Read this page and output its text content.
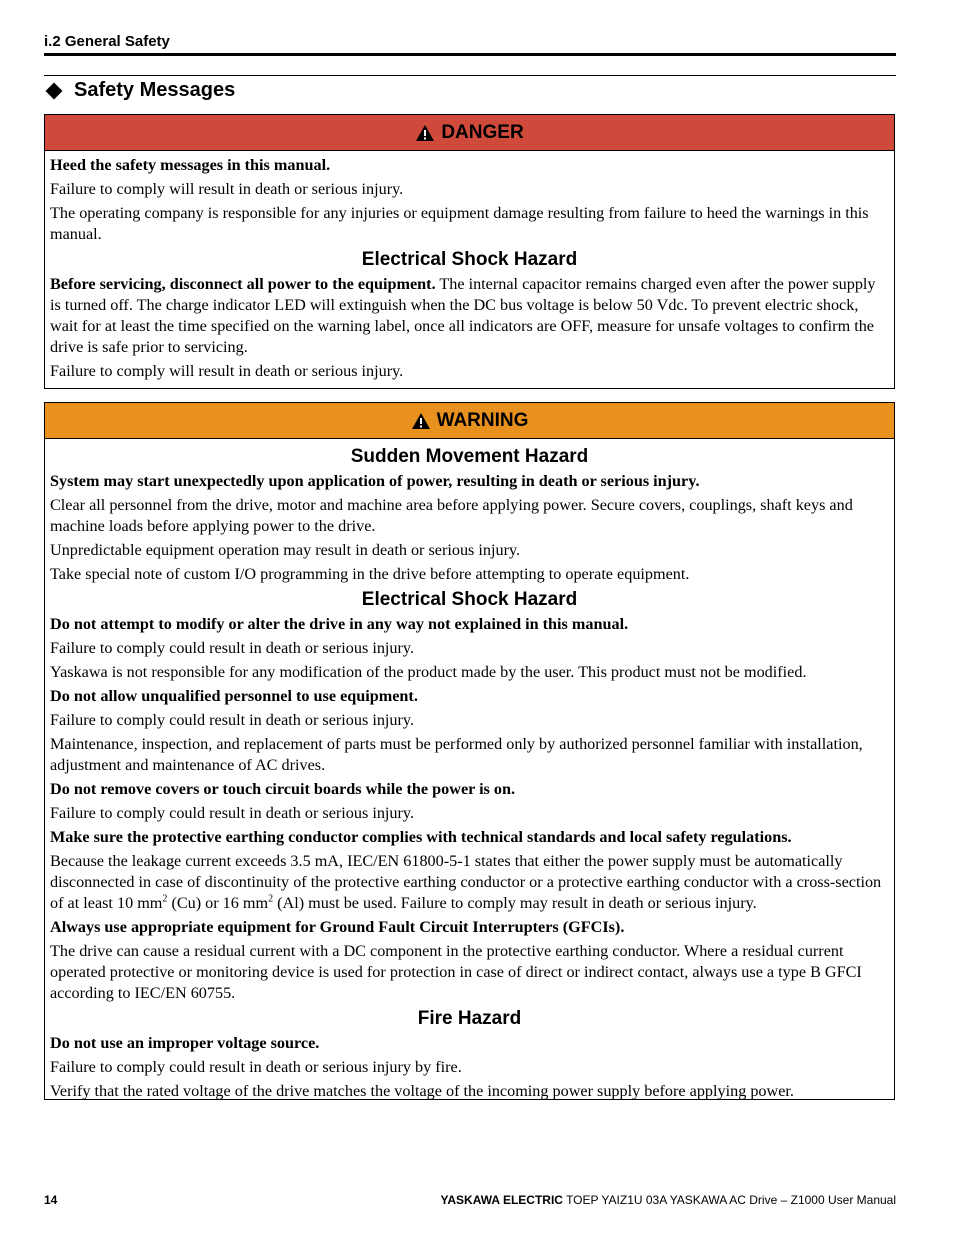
i.2 General Safety
Safety Messages
DANGER

Heed the safety messages in this manual.

Failure to comply will result in death or serious injury.

The operating company is responsible for any injuries or equipment damage resulting from failure to heed the warnings in this manual.

Electrical Shock Hazard

Before servicing, disconnect all power to the equipment. The internal capacitor remains charged even after the power supply is turned off. The charge indicator LED will extinguish when the DC bus voltage is below 50 Vdc. To prevent electric shock, wait for at least the time specified on the warning label, once all indicators are OFF, measure for unsafe voltages to confirm the drive is safe prior to servicing.

Failure to comply will result in death or serious injury.

WARNING
Sudden Movement Hazard

System may start unexpectedly upon application of power, resulting in death or serious injury.

Clear all personnel from the drive, motor and machine area before applying power. Secure covers, couplings, shaft keys and machine loads before applying power to the drive.

Unpredictable equipment operation may result in death or serious injury.

Take special note of custom I/O programming in the drive before attempting to operate equipment.

Electrical Shock Hazard

Do not attempt to modify or alter the drive in any way not explained in this manual.

Failure to comply could result in death or serious injury.

Yaskawa is not responsible for any modification of the product made by the user. This product must not be modified.

Do not allow unqualified personnel to use equipment.

Failure to comply could result in death or serious injury.

Maintenance, inspection, and replacement of parts must be performed only by authorized personnel familiar with installation, adjustment and maintenance of AC drives.

Do not remove covers or touch circuit boards while the power is on.

Failure to comply could result in death or serious injury.

Make sure the protective earthing conductor complies with technical standards and local safety regulations.

Because the leakage current exceeds 3.5 mA, IEC/EN 61800-5-1 states that either the power supply must be automatically disconnected in case of discontinuity of the protective earthing conductor or a protective earthing conductor with a cross-section of at least 10 $mm^2$ (Cu) or 16 $mm^2$ (Al) must be used. Failure to comply may result in death or serious injury.

Always use appropriate equipment for Ground Fault Circuit Interrupters (GFCIs).

The drive can cause a residual current with a DC component in the protective earthing conductor. Where a residual current operated protective or monitoring device is used for protection in case of direct or indirect contact, always use a type B GFCI according to IEC/EN 60755.

Fire Hazard

Do not use an improper voltage source.

Failure to comply could result in death or serious injury by fire.

Verify that the rated voltage of the drive matches the voltage of the incoming power supply before applying power.

14	YASKAWA ELECTRIC TOEP YAIZ1U 03A YASKAWA AC Drive – Z1000 User Manual
